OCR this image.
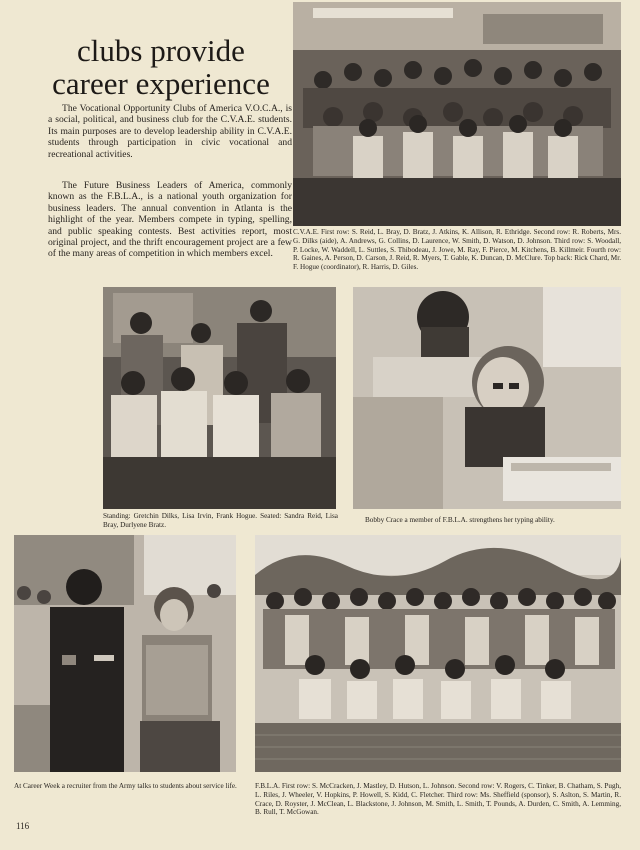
clubs provide
career experience

The Vocational Opportunity Clubs of America V.O.C.A., is a social, political, and business club for the C.V.A.E. students. Its main purposes are to develop leadership ability in C.V.A.E. students through participation in civic vocational and recreational activities.

The Future Business Leaders of America, commonly known as the F.B.L.A., is a national youth organization for business leaders. The annual convention in Atlanta is the highlight of the year. Members compete in typing, spelling, and public speaking contests. Best activities report, most original project, and the thrift encouragement project are a few of the many areas of competition in which members excel.

C.V.A.E. First row: S. Reid, L. Bray, D. Bratz, J. Atkins, K. Allison, R. Ethridge. Second row: R. Roberts, Mrs. G. Dilks (aide), A. Andrews, G. Collins, D. Laurence, W. Smith, D. Watson, D. Johnson. Third row: S. Woodall, P. Locke, W. Waddell, L. Suttles, S. Thibodeau, J. Jowe, M. Ray, F. Pierce, M. Kitchens, B. Killmeir. Fourth row: R. Gaines, A. Person, D. Carson, J. Reid, R. Myers, T. Gable, K. Duncan, D. McClure. Top back: Rick Chard, Mr. F. Hogue (coordinator), R. Harris, D. Giles.

Standing: Gretchin Dilks, Lisa Irvin, Frank Hogue. Seated: Sandra Reid, Lisa Bray, Durlyene Bratz.

Bobby Crace a member of F.B.L.A. strengthens her typing ability.

At Career Week a recruiter from the Army talks to students about service life.	F.B.L.A. First row: S. McCracken, J. Mastley, D. Hutson, L. Johnson. Second row: V. Rogers, C. Tinker, B. Chatham, S. Pugh, L. Riles, J. Wheeler, V. Hopkins, P. Howell, S. Kidd, C. Fletcher. Third row: Ms. Sheffield (sponsor), S. Aslton, S. Martin, R. Crace, D. Royster, J. McClean, L. Blackstone, J. Johnson, M. Smith, L. Smith, T. Pounds, A. Durden, C. Smith, A. Lemming, B. Rull, T. McGowan.

116
